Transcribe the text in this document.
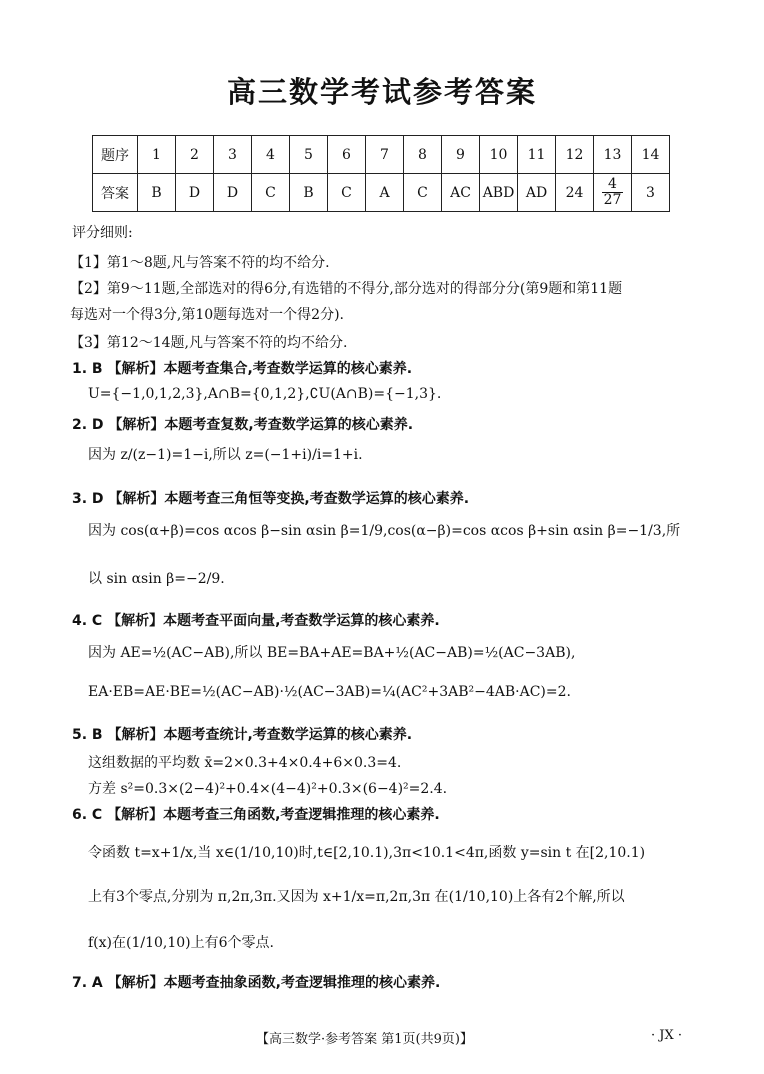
高三数学考试参考答案
题序	1	2	3	4	5	6	7	8	9	10	11	12	13	14
答案	B	D	D	C	B	C	A	C	AC	ABD	AD	24	$\frac{4}{27}$	3
评分细则:
【1】第1～8题,凡与答案不符的均不给分.
【2】第9～11题,全部选对的得6分,有选错的不得分,部分选对的得部分分(第9题和第11题
每选对一个得3分,第10题每选对一个得2分).
【3】第12～14题,凡与答案不符的均不给分.
1. B 【解析】本题考查集合,考查数学运算的核心素养.
U={−1,0,1,2,3},A∩B={0,1,2},∁U(A∩B)={−1,3}.
2. D 【解析】本题考查复数,考查数学运算的核心素养.
因为 z/(z−1)=1−i,所以 z=(−1+i)/i=1+i.
3. D 【解析】本题考查三角恒等变换,考查数学运算的核心素养.
因为 cos(α+β)=cos αcos β−sin αsin β=1/9,cos(α−β)=cos αcos β+sin αsin β=−1/3,所
以 sin αsin β=−2/9.
4. C 【解析】本题考查平面向量,考查数学运算的核心素养.
因为 AE=½(AC−AB),所以 BE=BA+AE=BA+½(AC−AB)=½(AC−3AB),
EA·EB=AE·BE=½(AC−AB)·½(AC−3AB)=¼(AC²+3AB²−4AB·AC)=2.
5. B 【解析】本题考查统计,考查数学运算的核心素养.
这组数据的平均数 x̄=2×0.3+4×0.4+6×0.3=4.
方差 s²=0.3×(2−4)²+0.4×(4−4)²+0.3×(6−4)²=2.4.
6. C 【解析】本题考查三角函数,考查逻辑推理的核心素养.
令函数 t=x+1/x,当 x∈(1/10,10)时,t∈[2,10.1),3π<10.1<4π,函数 y=sin t 在[2,10.1)
上有3个零点,分别为 π,2π,3π.又因为 x+1/x=π,2π,3π 在(1/10,10)上各有2个解,所以
f(x)在(1/10,10)上有6个零点.
7. A 【解析】本题考查抽象函数,考查逻辑推理的核心素养.
【高三数学·参考答案 第1页(共9页)】	· JX ·
